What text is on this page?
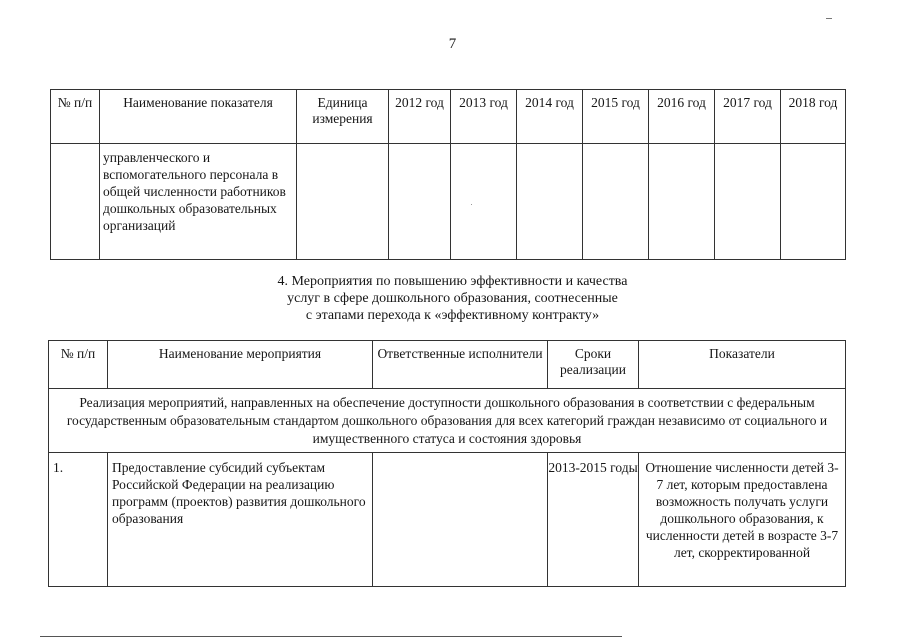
7
№ п/п	Наименование показателя	Единица измерения	2012 год	2013 год	2014 год	2015 год	2016 год	2017 год	2018 год
	управленческого и вспомогательного персонала в общей численности работников дошкольных образовательных организаций			

4. Мероприятия по повышению эффективности и качества
услуг в сфере дошкольного образования, соотнесенные
с этапами перехода к «эффективному контракту»
№ п/п	Наименование мероприятия	Ответственные исполнители	Сроки реализации	Показатели
Реализация мероприятий, направленных на обеспечение доступности дошкольного образования в соответствии с федеральным государственным образовательным стандартом дошкольного образования для всех категорий граждан независимо от социального и имущественного статуса и состояния здоровья				
1.	Предоставление субсидий субъектам Российской Федерации на реализацию программ (проектов) развития дошкольного образования		2013-2015 годы	Отношение численности детей 3-7 лет, которым предоставлена возможность получать услуги дошкольного образования, к численности детей в возрасте 3-7 лет, скорректированной
